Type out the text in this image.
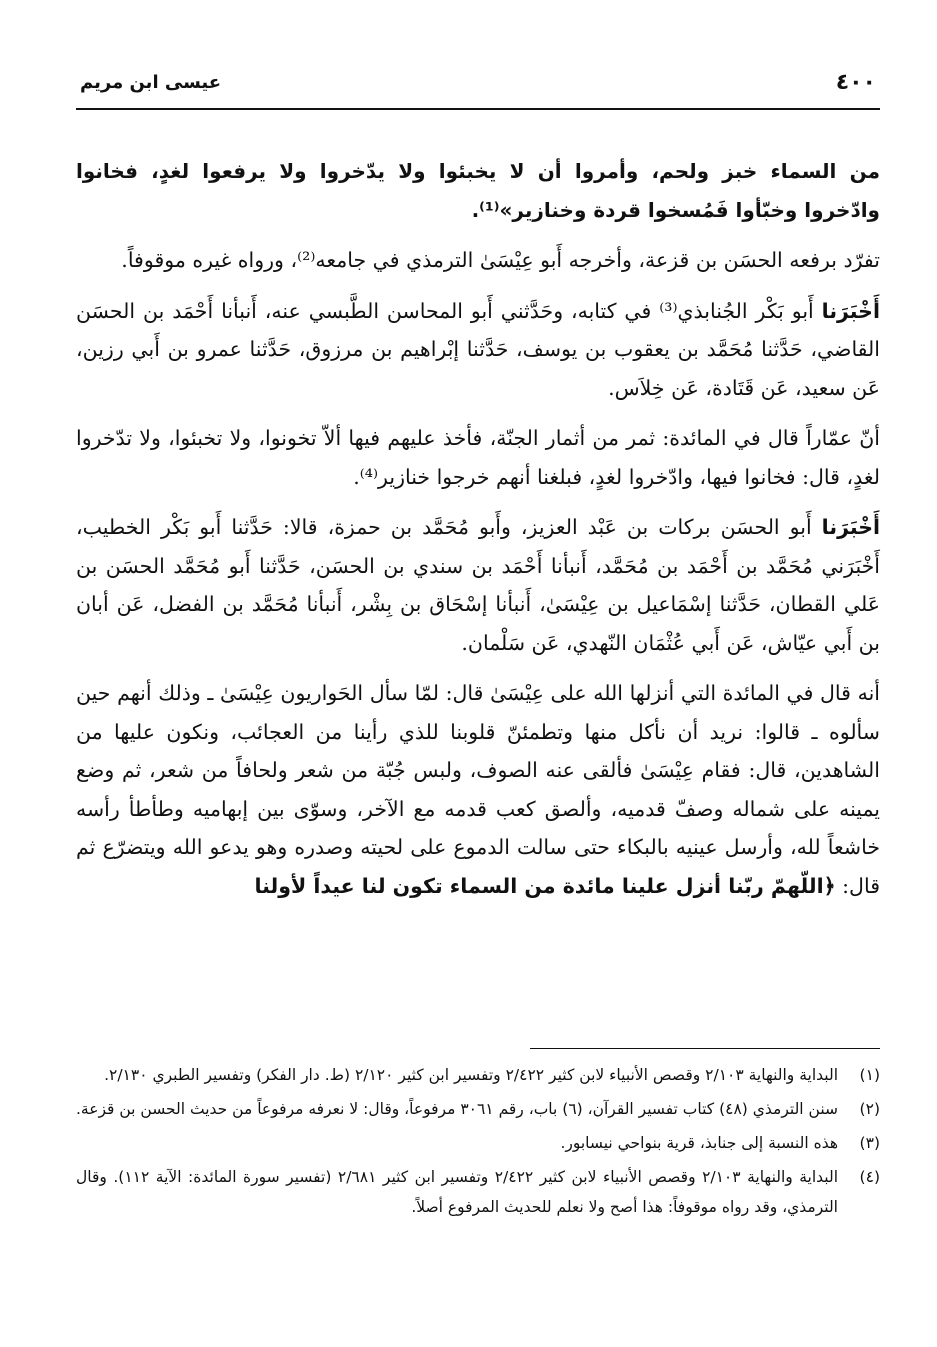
٤٠٠
عيسى ابن مريم

من السماء خبز ولحم، وأمروا أن لا يخبئوا ولا يدّخروا ولا يرفعوا لغدٍ، فخانوا وادّخروا وخبّأوا فَمُسخوا قردة وخنازير»⁽¹⁾.

تفرّد برفعه الحسَن بن قزعة، وأخرجه أَبو عِيْسَىٰ الترمذي في جامعه⁽²⁾، ورواه غيره موقوفاً.

أَخْبَرَنا أَبو بَكْر الجُنابذي⁽³⁾ في كتابه، وحَدَّثني أَبو المحاسن الطَّبسي عنه، أَنبأنا أَحْمَد بن الحسَن القاضي، حَدَّثنا مُحَمَّد بن يعقوب بن يوسف، حَدَّثنا إبْراهيم بن مرزوق، حَدَّثنا عمرو بن أَبي رزين، عَن سعيد، عَن قَتَادة، عَن خِلاَس.

أنّ عمّاراً قال في المائدة: ثمر من أثمار الجنّة، فأخذ عليهم فيها ألاّ تخونوا، ولا تخبئوا، ولا تدّخروا لغدٍ، قال: فخانوا فيها، وادّخروا لغدٍ، فبلغنا أنهم خرجوا خنازير⁽⁴⁾.

أَخْبَرَنا أَبو الحسَن بركات بن عَبْد العزيز، وأَبو مُحَمَّد بن حمزة، قالا: حَدَّثنا أَبو بَكْر الخطيب، أَخْبَرَني مُحَمَّد بن أَحْمَد بن مُحَمَّد، أَنبأنا أَحْمَد بن سندي بن الحسَن، حَدَّثنا أَبو مُحَمَّد الحسَن بن عَلي القطان، حَدَّثنا إسْمَاعيل بن عِيْسَىٰ، أَنبأنا إسْحَاق بن بِشْر، أَنبأنا مُحَمَّد بن الفضل، عَن أبان بن أَبي عيّاش، عَن أَبي عُثْمَان النّهدي، عَن سَلْمان.

أنه قال في المائدة التي أنزلها الله على عِيْسَىٰ قال: لمّا سأل الحَواريون عِيْسَىٰ ـ وذلك أنهم حين سألوه ـ قالوا: نريد أن نأكل منها وتطمئنّ قلوبنا للذي رأينا من العجائب، ونكون عليها من الشاهدين، قال: فقام عِيْسَىٰ فألقى عنه الصوف، ولبس جُبّة من شعر ولحافاً من شعر، ثم وضع يمينه على شماله وصفّ قدميه، وألصق كعب قدمه مع الآخر، وسوّى بين إبهاميه وطأطأ رأسه خاشعاً لله، وأرسل عينيه بالبكاء حتى سالت الدموع على لحيته وصدره وهو يدعو الله ويتضرّع ثم قال: ﴿اللّهمّ ربّنا أنزل علينا مائدة من السماء تكون لنا عيداً لأولنا

(١)
البداية والنهاية ٢/١٠٣ وقصص الأنبياء لابن كثير ٢/٤٢٢ وتفسير ابن كثير ٢/١٢٠ (ط. دار الفكر) وتفسير الطبري ٢/١٣٠.
(٢)
سنن الترمذي (٤٨) كتاب تفسير القرآن، (٦) باب، رقم ٣٠٦١ مرفوعاً، وقال: لا نعرفه مرفوعاً من حديث الحسن بن قزعة.
(٣)
هذه النسبة إلى جنابذ، قرية بنواحي نيسابور.
(٤)
البداية والنهاية ٢/١٠٣ وقصص الأنبياء لابن كثير ٢/٤٢٢ وتفسير ابن كثير ٢/٦٨١ (تفسير سورة المائدة: الآية ١١٢). وقال الترمذي، وقد رواه موقوفاً: هذا أصح ولا نعلم للحديث المرفوع أصلاً.
